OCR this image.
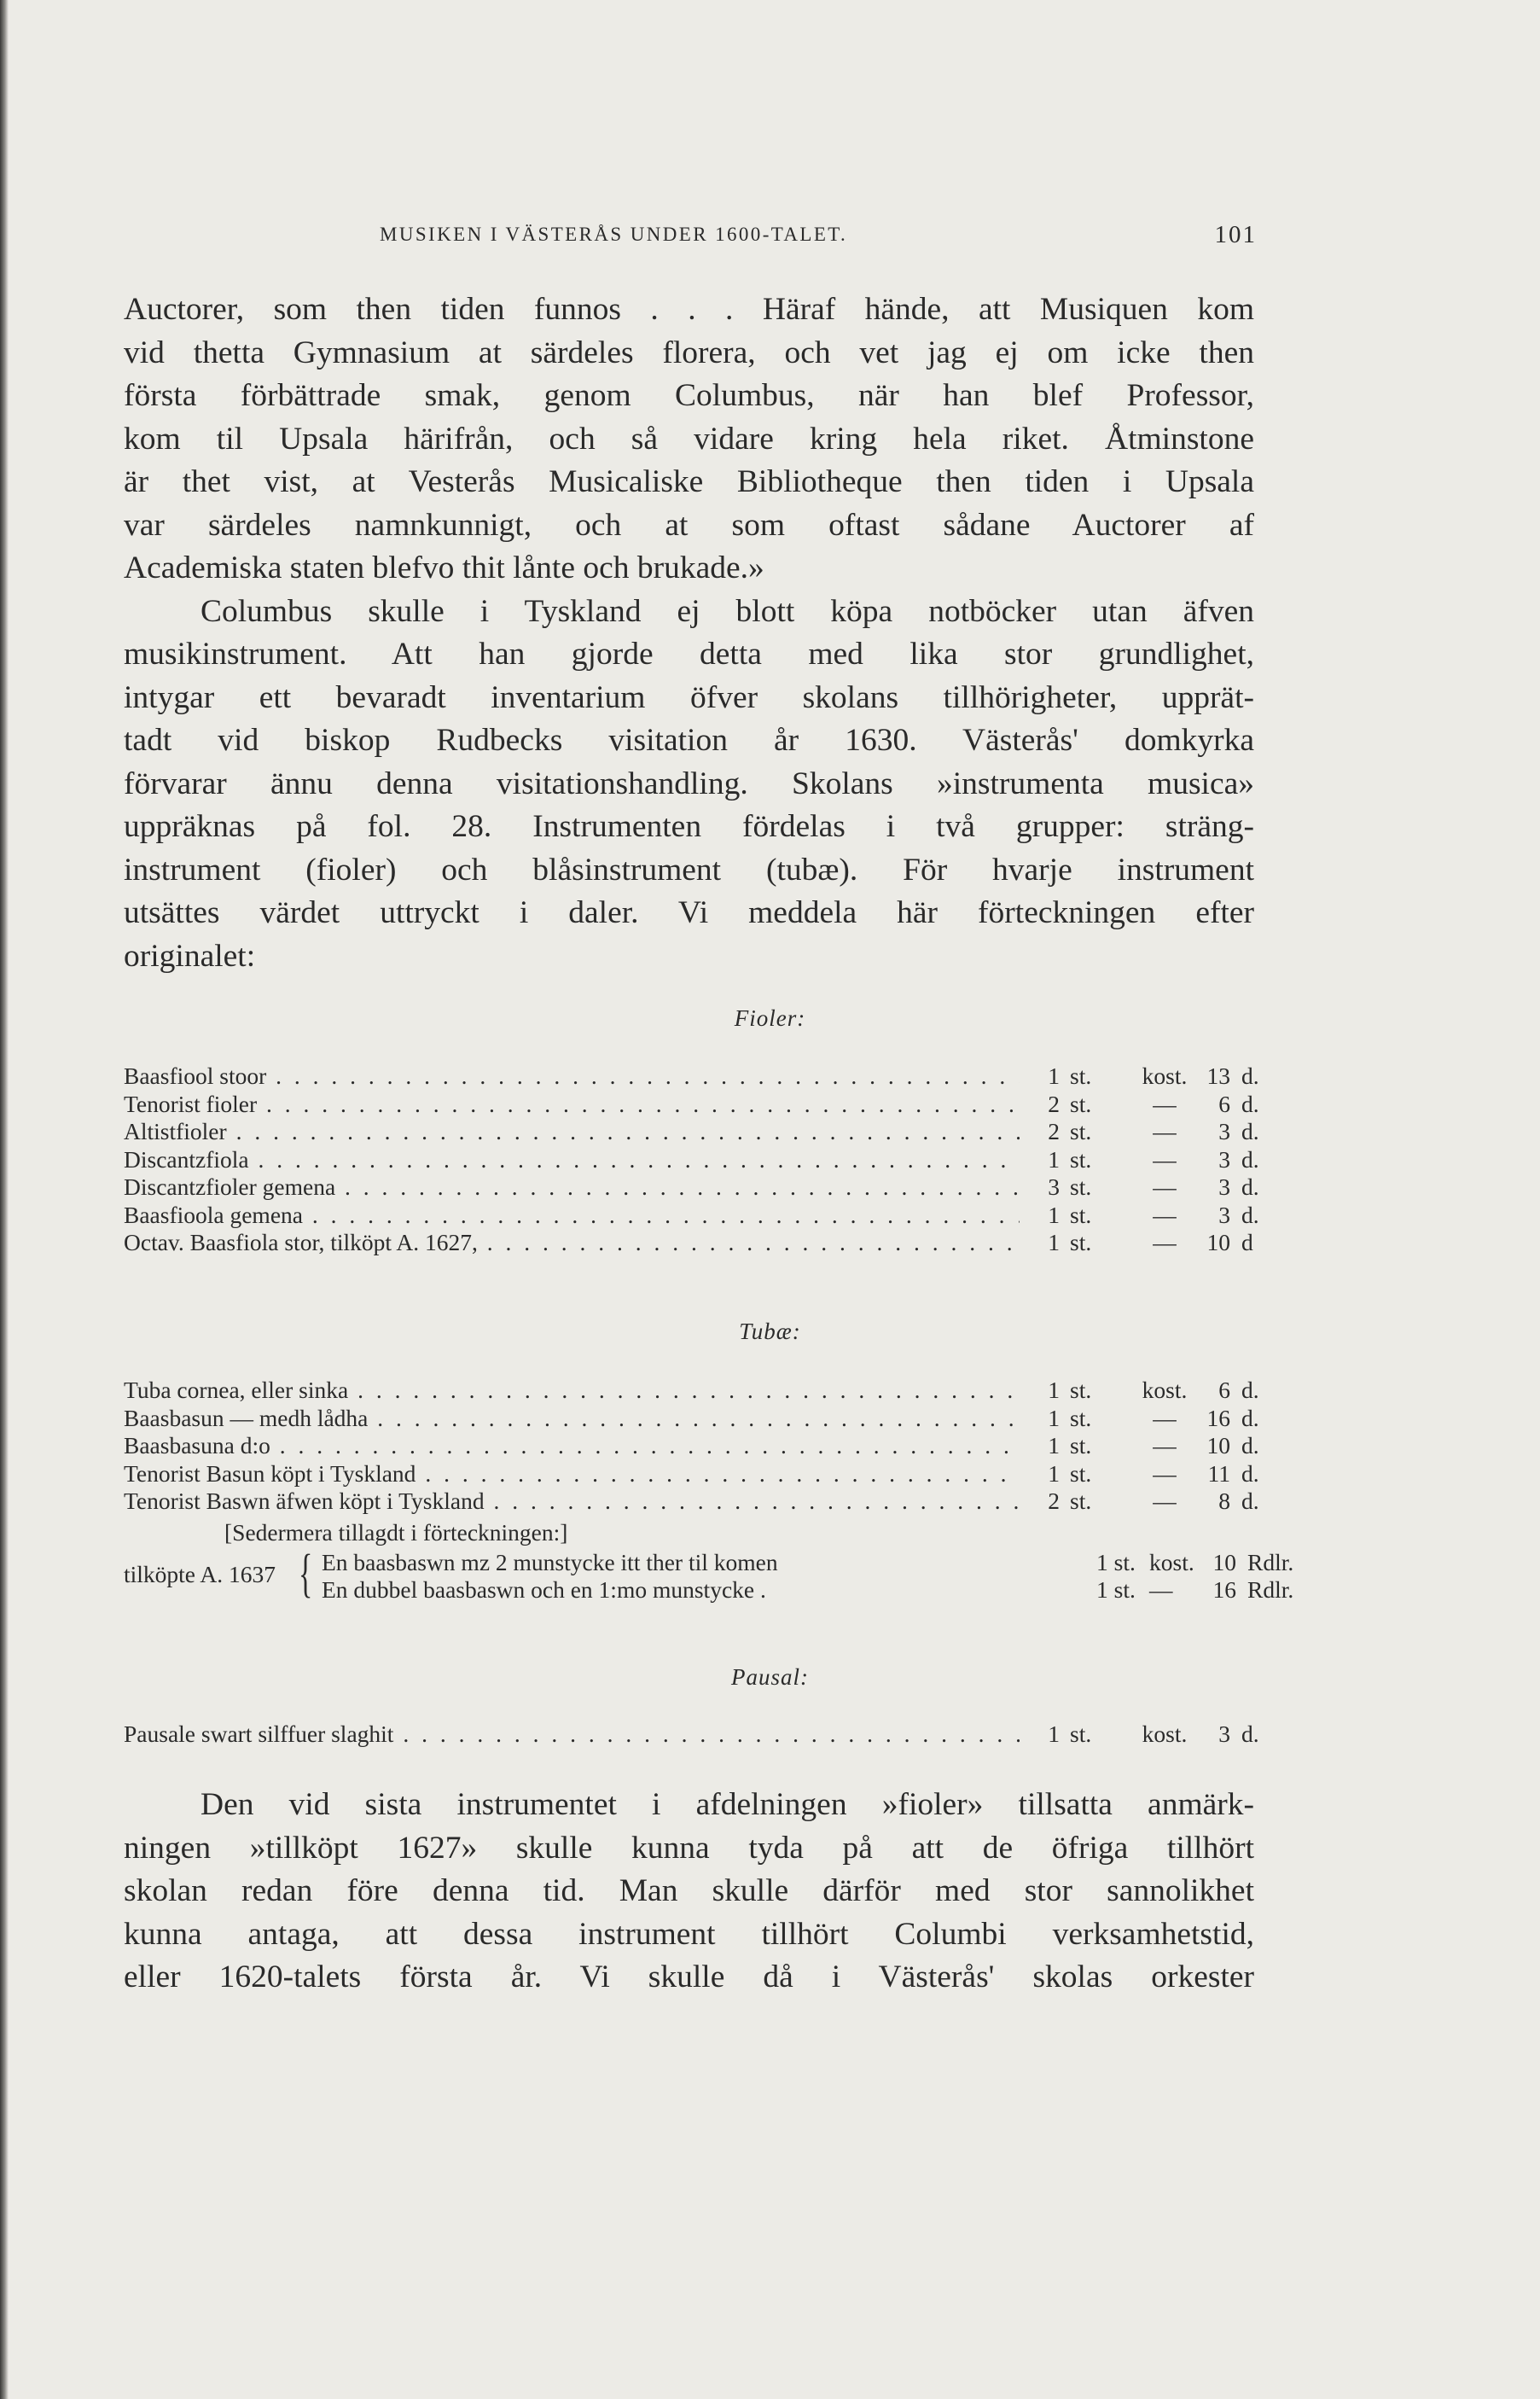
MUSIKEN I VÄSTERÅS UNDER 1600-TALET.	101
Auctorer, som then tiden funnos . . . Häraf hände, att Musiquen kom
vid thetta Gymnasium at särdeles florera, och vet jag ej om icke then
första förbättrade smak, genom Columbus, när han blef Professor,
kom til Upsala härifrån, och så vidare kring hela riket. Åtminstone
är thet vist, at Vesterås Musicaliske Bibliotheque then tiden i Upsala
var särdeles namnkunnigt, och at som oftast sådane Auctorer af
Academiska staten blefvo thit lånte och brukade.»
Columbus skulle i Tyskland ej blott köpa notböcker utan äfven
musikinstrument. Att han gjorde detta med lika stor grundlighet,
intygar ett bevaradt inventarium öfver skolans tillhörigheter, upprät-
tadt vid biskop Rudbecks visitation år 1630. Västerås' domkyrka
förvarar ännu denna visitationshandling. Skolans »instrumenta musica»
uppräknas på fol. 28. Instrumenten fördelas i två grupper: sträng-
instrument (fioler) och blåsinstrument (tubæ). För hvarje instrument
utsättes värdet uttryckt i daler. Vi meddela här förteckningen efter
originalet:
Fioler:
Baasfiool stoor . . .	1 st.	kost. 13 d.
Tenorist fioler . . .	2 st.	—	6 d.
Altistfioler . . .	2 st.	—	3 d.
Discantzfiola . . .	1 st.	—	3 d.
Discantzfioler gemena . . .	3 st.	—	3 d.
Baasfioola gemena . . .	1 st.	—	3 d.
Octav. Baasfiola stor, tilköpt A. 1627, . . .	1 st.	—	10 d
Tubæ:
Tuba cornea, eller sinka . . .	1 st.	kost.	6 d.
Baasbasun — medh lådha . . .	1 st.	—	16 d.
Baasbasuna d:o . . .	1 st.	—	10 d.
Tenorist Basun köpt i Tyskland . . .	1 st.	—	11 d.
Tenorist Baswn äfwen köpt i Tyskland . . .	2 st.	—	8 d.
[Sedermera tillagdt i förteckningen:]
tilköpte A. 1637 { En baasbaswn mz 2 munstycke itt ther til komen	1 st. kost. 10 Rdlr.
En dubbel baasbaswn och en 1:mo munstycke .	1 st. —	16 Rdlr.
Pausal:
Pausale swart silffuer slaghit . . .	1 st.	kost.	3 d.
Den vid sista instrumentet i afdelningen »fioler» tillsatta anmärk-
ningen »tillköpt 1627» skulle kunna tyda på att de öfriga tillhört
skolan redan före denna tid. Man skulle därför med stor sannolikhet
kunna antaga, att dessa instrument tillhört Columbi verksamhetstid,
eller 1620-talets första år. Vi skulle då i Västerås' skolas orkester
